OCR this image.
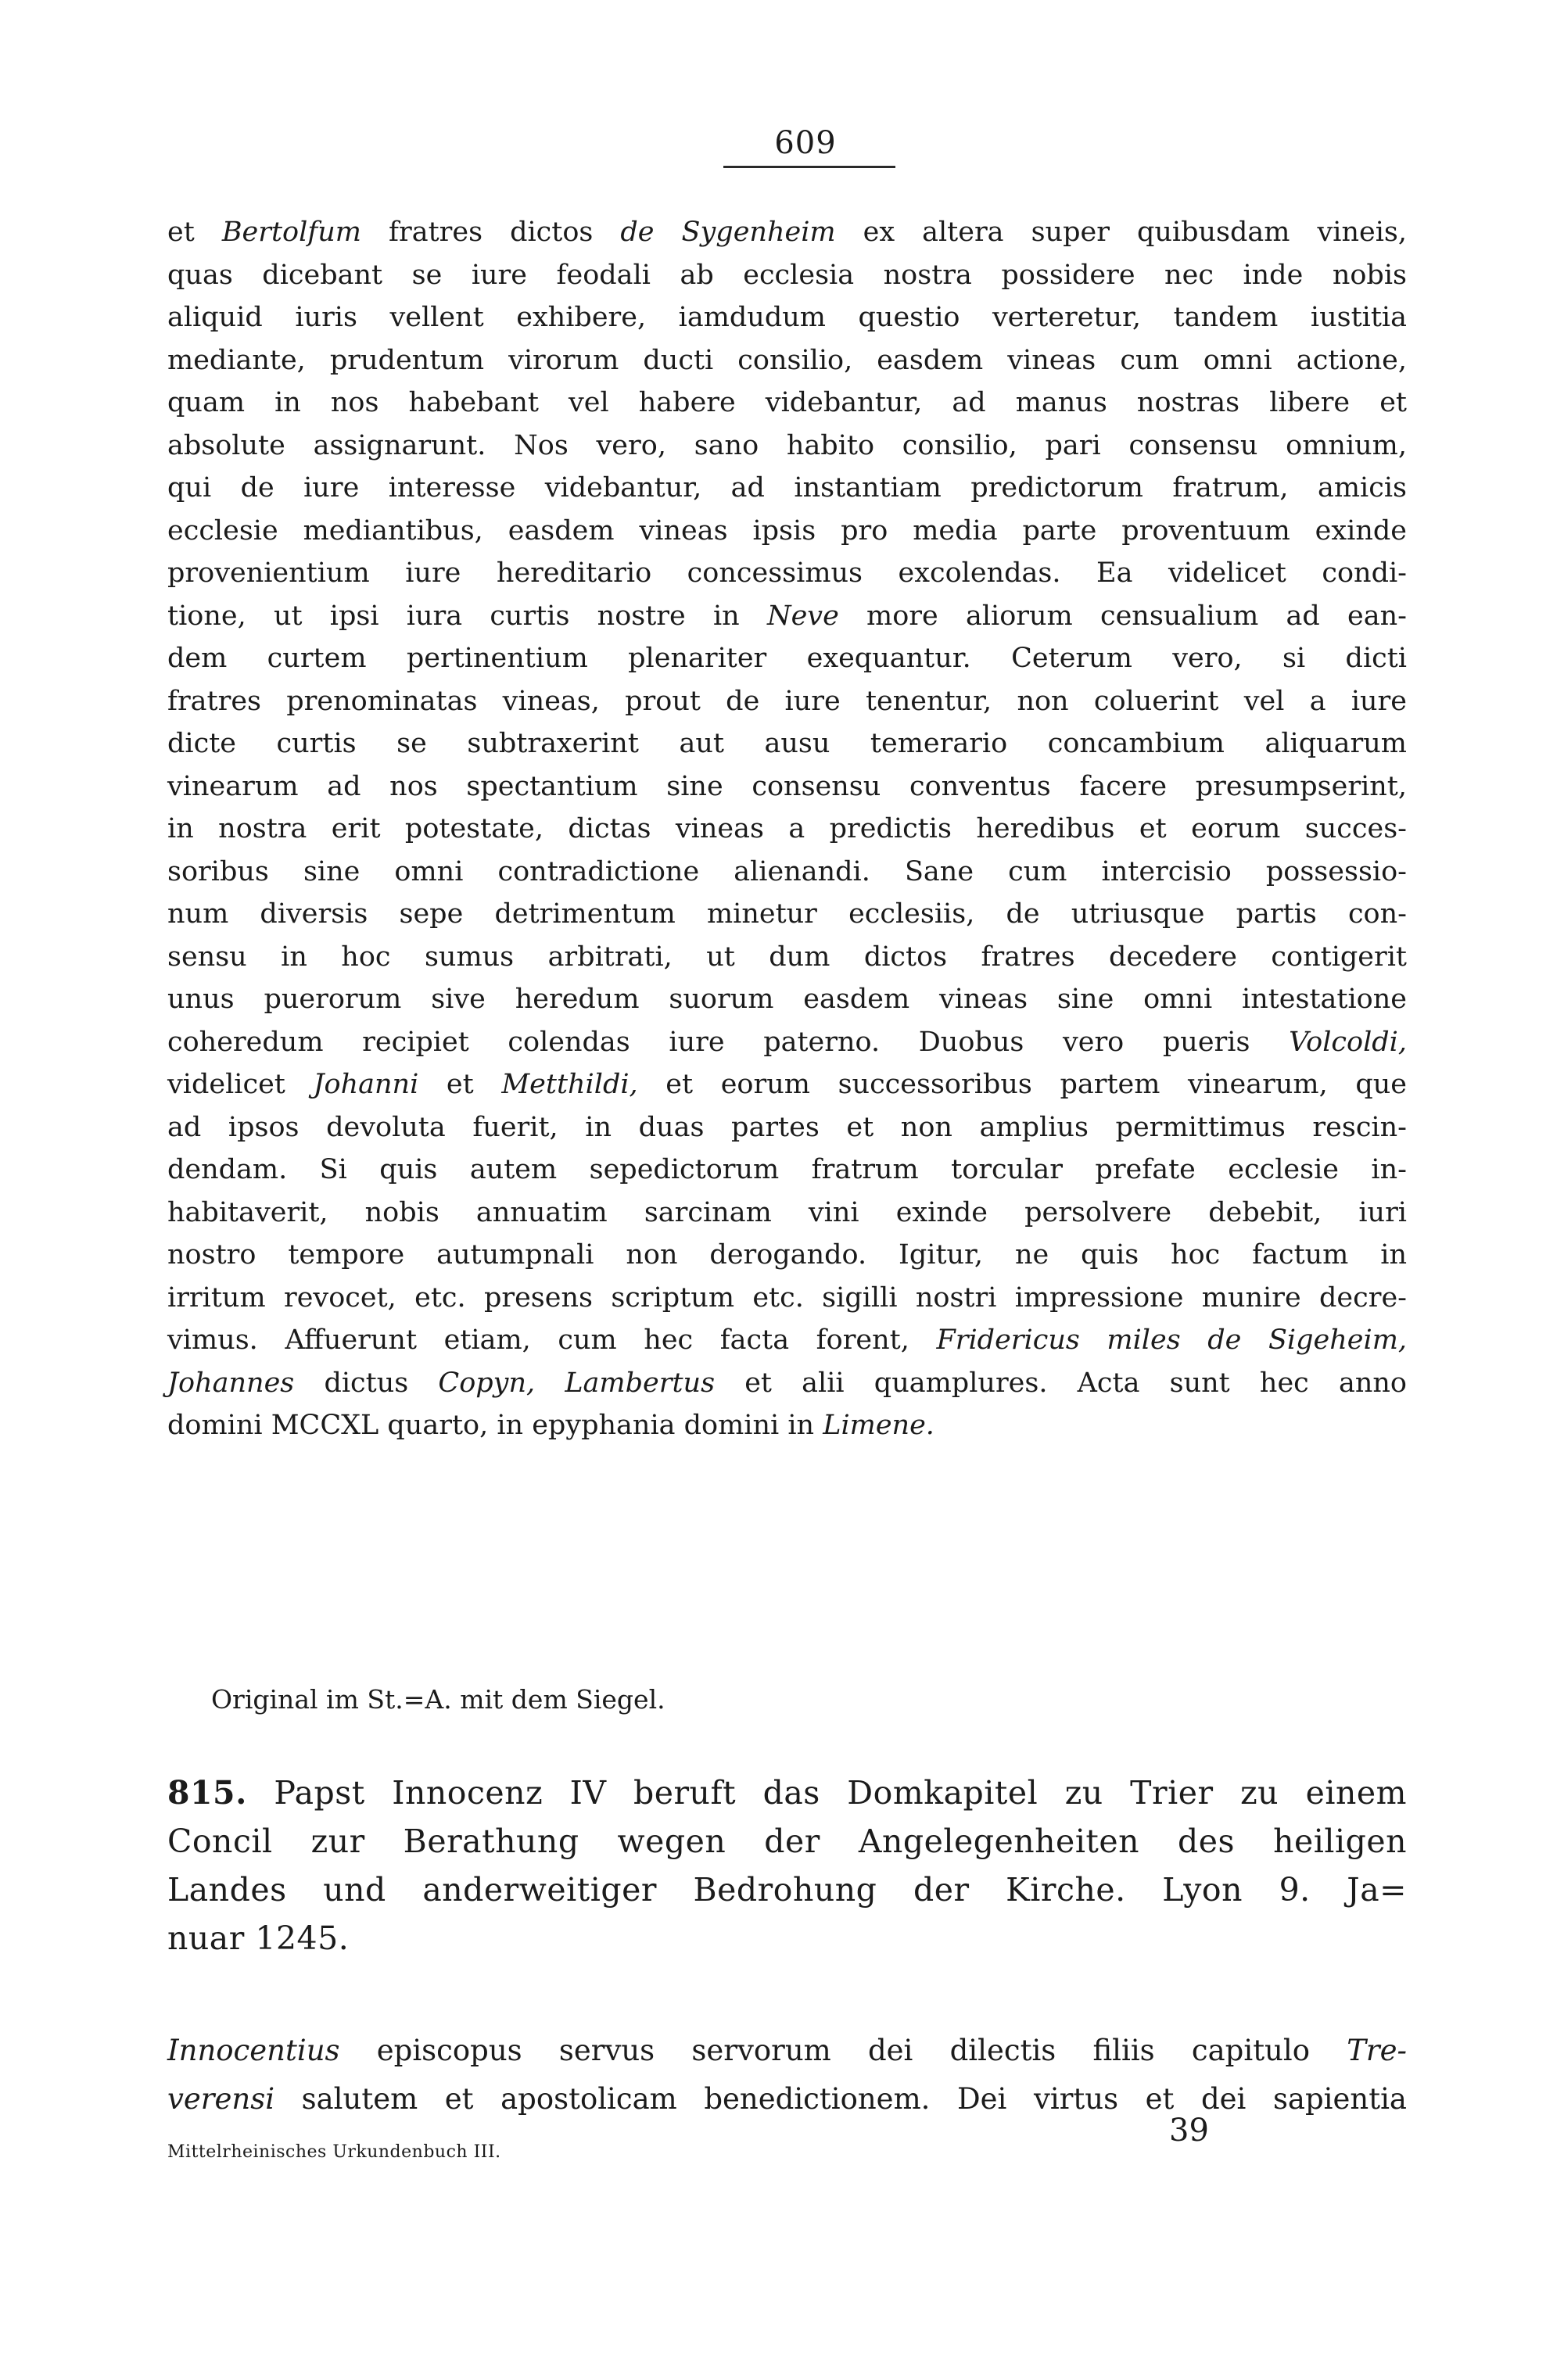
609
et Bertolfum fratres dictos de Sygenheim ex altera super quibusdam vineis,
quas dicebant se iure feodali ab ecclesia nostra possidere nec inde nobis
aliquid iuris vellent exhibere, iamdudum questio verteretur, tandem iustitia
mediante, prudentum virorum ducti consilio, easdem vineas cum omni actione,
quam in nos habebant vel habere videbantur, ad manus nostras libere et
absolute assignarunt. Nos vero, sano habito consilio, pari consensu omnium,
qui de iure interesse videbantur, ad instantiam predictorum fratrum, amicis
ecclesie mediantibus, easdem vineas ipsis pro media parte proventuum exinde
provenientium iure hereditario concessimus excolendas. Ea videlicet condi-
tione, ut ipsi iura curtis nostre in Neve more aliorum censualium ad ean-
dem curtem pertinentium plenariter exequantur. Ceterum vero, si dicti
fratres prenominatas vineas, prout de iure tenentur, non coluerint vel a iure
dicte curtis se subtraxerint aut ausu temerario concambium aliquarum
vinearum ad nos spectantium sine consensu conventus facere presumpserint,
in nostra erit potestate, dictas vineas a predictis heredibus et eorum succes-
soribus sine omni contradictione alienandi. Sane cum intercisio possessio-
num diversis sepe detrimentum minetur ecclesiis, de utriusque partis con-
sensu in hoc sumus arbitrati, ut dum dictos fratres decedere contigerit
unus puerorum sive heredum suorum easdem vineas sine omni intestatione
coheredum recipiet colendas iure paterno. Duobus vero pueris Volcoldi,
videlicet Johanni et Metthildi, et eorum successoribus partem vinearum, que
ad ipsos devoluta fuerit, in duas partes et non amplius permittimus rescin-
dendam. Si quis autem sepedictorum fratrum torcular prefate ecclesie in-
habitaverit, nobis annuatim sarcinam vini exinde persolvere debebit, iuri
nostro tempore autumpnali non derogando. Igitur, ne quis hoc factum in
irritum revocet, etc. presens scriptum etc. sigilli nostri impressione munire decre-
vimus. Affuerunt etiam, cum hec facta forent, Fridericus miles de Sigeheim,
Johannes dictus Copyn, Lambertus et alii quamplures. Acta sunt hec anno
domini MCCXL quarto, in epyphania domini in Limene.
Original im St.=A. mit dem Siegel.
815. Papst Innocenz IV beruft das Domkapitel zu Trier zu einem
Concil zur Berathung wegen der Angelegenheiten des heiligen
Landes und anderweitiger Bedrohung der Kirche. Lyon 9. Ja=
nuar 1245.
Innocentius episcopus servus servorum dei dilectis filiis capitulo Tre-
verensi salutem et apostolicam benedictionem. Dei virtus et dei sapientia
Mittelrheinisches Urkundenbuch III.
39
